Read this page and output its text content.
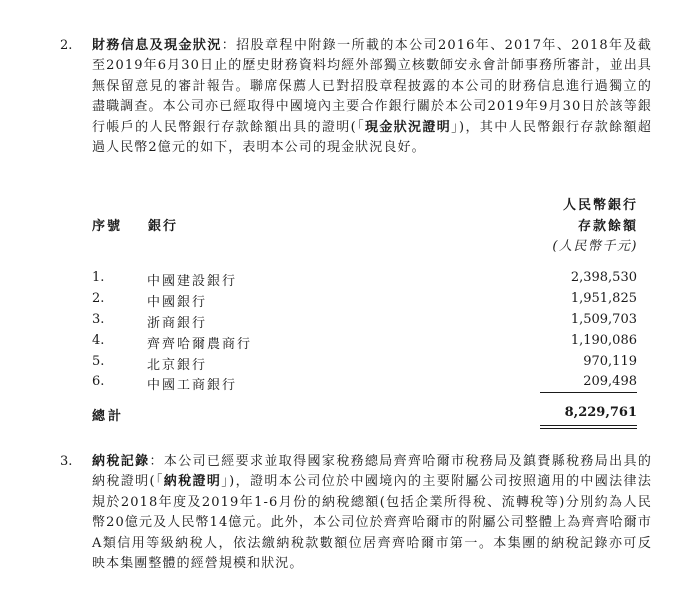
2. 財務信息及現金狀況：招股章程中附錄一所載的本公司2016年、2017年、2018年及截至2019年6月30日止的歷史財務資料均經外部獨立核數師安永會計師事務所審計，並出具無保留意見的審計報告。聯席保薦人已對招股章程披露的本公司的財務信息進行過獨立的盡職調查。本公司亦已經取得中國境內主要合作銀行關於本公司2019年9月30日於該等銀行帳戶的人民幣銀行存款餘額出具的證明(「現金狀況證明」)，其中人民幣銀行存款餘額超過人民幣2億元的如下，表明本公司的現金狀況良好。
人民幣銀行
存款餘額
序號 銀行
(人民幣千元)
1.	中國建設銀行	2,398,530
2.	中國銀行	1,951,825
3.	浙商銀行	1,509,703
4.	齊齊哈爾農商行	1,190,086
5.	北京銀行	970,119
6.	中國工商銀行	209,498
總計	8,229,761
3. 納稅記錄：本公司已經要求並取得國家稅務總局齊齊哈爾市稅務局及鎮賚縣稅務局出具的納稅證明(「納稅證明」)，證明本公司位於中國境內的主要附屬公司按照適用的中國法律法規於2018年度及2019年1-6月份的納稅總額(包括企業所得稅、流轉稅等)分別約為人民幣20億元及人民幣14億元。此外，本公司位於齊齊哈爾市的附屬公司整體上為齊齊哈爾市A類信用等級納稅人，依法繳納稅款數額位居齊齊哈爾市第一。本集團的納稅記錄亦可反映本集團整體的經營規模和狀況。
